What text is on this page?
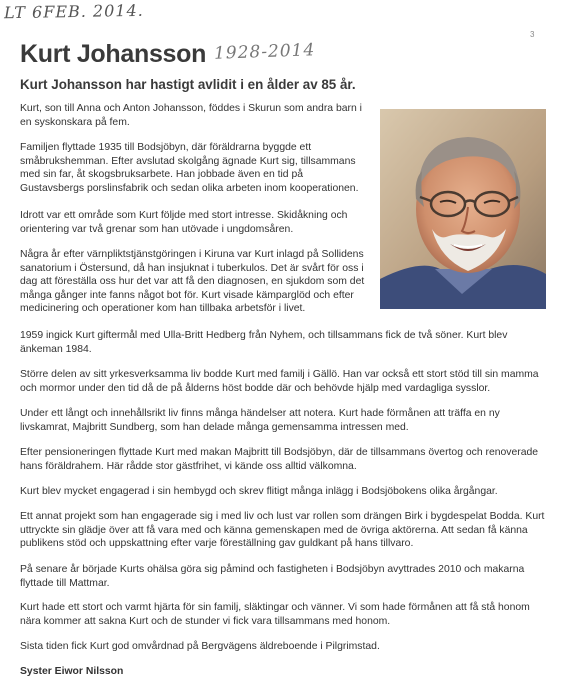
LT 6FEB. 2014.
3
Kurt Johansson 1928-2014
Kurt Johansson har hastigt avlidit i en ålder av 85 år.

Kurt, son till Anna och Anton Johansson, föddes i Skurun som andra barn i en syskonskara på fem.

Familjen flyttade 1935 till Bodsjöbyn, där föräldrarna byggde ett småbrukshemman. Efter avslutad skolgång ägnade Kurt sig, tillsammans med sin far, åt skogsbruksarbete. Han jobbade även en tid på Gustavsbergs porslinsfabrik och sedan olika arbeten inom kooperationen.

Idrott var ett område som Kurt följde med stort intresse. Skidåkning och orientering var två grenar som han utövade i ungdomsåren.

Några år efter värnpliktstjänstgöringen i Kiruna var Kurt inlagd på Sollidens sanatorium i Östersund, då han insjuknat i tuberkulos. Det är svårt för oss i dag att föreställa oss hur det var att få den diagnosen, en sjukdom som det många gånger inte fanns något bot för. Kurt visade kämparglöd och efter medicinering och operationer kom han tillbaka arbetsför i livet.

1959 ingick Kurt giftermål med Ulla-Britt Hedberg från Nyhem, och tillsammans fick de två söner. Kurt blev änkeman 1984.

Större delen av sitt yrkesverksamma liv bodde Kurt med familj i Gällö. Han var också ett stort stöd till sin mamma och mormor under den tid då de på ålderns höst bodde där och behövde hjälp med vardagliga sysslor.

Under ett långt och innehållsrikt liv finns många händelser att notera. Kurt hade förmånen att träffa en ny livskamrat, Majbritt Sundberg, som han delade många gemensamma intressen med.

Efter pensioneringen flyttade Kurt med makan Majbritt till Bodsjöbyn, där de tillsammans övertog och renoverade hans föräldrahem. Här rådde stor gästfrihet, vi kände oss alltid välkomna.

Kurt blev mycket engagerad i sin hembygd och skrev flitigt många inlägg i Bodsjöbokens olika årgångar.

Ett annat projekt som han engagerade sig i med liv och lust var rollen som drängen Birk i bygdespelat Bodda. Kurt uttryckte sin glädje över att få vara med och känna gemenskapen med de övriga aktörerna. Att sedan få känna publikens stöd och uppskattning efter varje föreställning gav guldkant på hans tillvaro.

På senare år började Kurts ohälsa göra sig påmind och fastigheten i Bodsjöbyn avyttrades 2010 och makarna flyttade till Mattmar.

Kurt hade ett stort och varmt hjärta för sin familj, släktingar och vänner. Vi som hade förmånen att få stå honom nära kommer att sakna Kurt och de stunder vi fick vara tillsammans med honom.

Sista tiden fick Kurt god omvårdnad på Bergvägens äldreboende i Pilgrimstad.

Syster Eiwor Nilsson
